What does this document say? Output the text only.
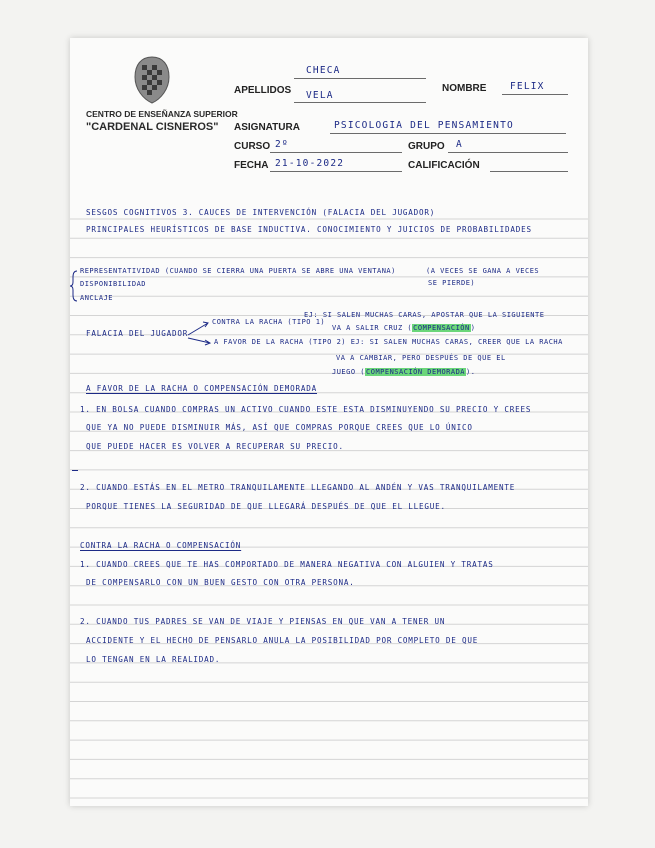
CENTRO DE ENSEÑANZA SUPERIOR
"CARDENAL CISNEROS"
APELLIDOS
CHECA
VELA
NOMBRE FELIX
ASIGNATURA	PSICOLOGIA DEL PENSAMIENTO
CURSO 2º	GRUPO A
FECHA 21-10-2022	CALIFICACIÓN
SESGOS COGNITIVOS 3. CAUCES DE INTERVENCIÓN (FALACIA DEL JUGADOR)
PRINCIPALES HEURÍSTICOS DE BASE INDUCTIVA. CONOCIMIENTO Y JUICIOS DE PROBABILIDADES
REPRESENTATIVIDAD (CUANDO SE CIERRA UNA PUERTA SE ABRE UNA VENTANA)	(A VECES SE GANA A VECES
SE PIERDE)
DISPONIBILIDAD
ANCLAJE
FALACIA DEL JUGADOR
CONTRA LA RACHA (TIPO 1)
EJ: SI SALEN MUCHAS CARAS, APOSTAR QUE LA SIGUIENTE
VA A SALIR CRUZ (COMPENSACIÓN)
A FAVOR DE LA RACHA (TIPO 2) EJ: SI SALEN MUCHAS CARAS, CREER QUE LA RACHA
VA A CAMBIAR, PERO DESPUÉS DE QUE EL
JUEGO (COMPENSACIÓN DEMORADA).
A FAVOR DE LA RACHA O COMPENSACIÓN DEMORADA
1. EN BOLSA CUANDO COMPRAS UN ACTIVO CUANDO ESTE ESTA DISMINUYENDO SU PRECIO Y CREES
QUE YA NO PUEDE DISMINUIR MÁS, ASÍ QUE COMPRAS PORQUE CREES QUE LO ÚNICO
QUE PUEDE HACER ES VOLVER A RECUPERAR SU PRECIO.
2. CUANDO ESTÁS EN EL METRO TRANQUILAMENTE LLEGANDO AL ANDÉN Y VAS TRANQUILAMENTE
PORQUE TIENES LA SEGURIDAD DE QUE LLEGARÁ DESPUÉS DE QUE EL LLEGUE.
CONTRA LA RACHA O COMPENSACIÓN
1. CUANDO CREES QUE TE HAS COMPORTADO DE MANERA NEGATIVA CON ALGUIEN Y TRATAS
DE COMPENSARLO CON UN BUEN GESTO CON OTRA PERSONA.
2. CUANDO TUS PADRES SE VAN DE VIAJE Y PIENSAS EN QUE VAN A TENER UN
ACCIDENTE Y EL HECHO DE PENSARLO ANULA LA POSIBILIDAD POR COMPLETO DE QUE
LO TENGAN EN LA REALIDAD.
